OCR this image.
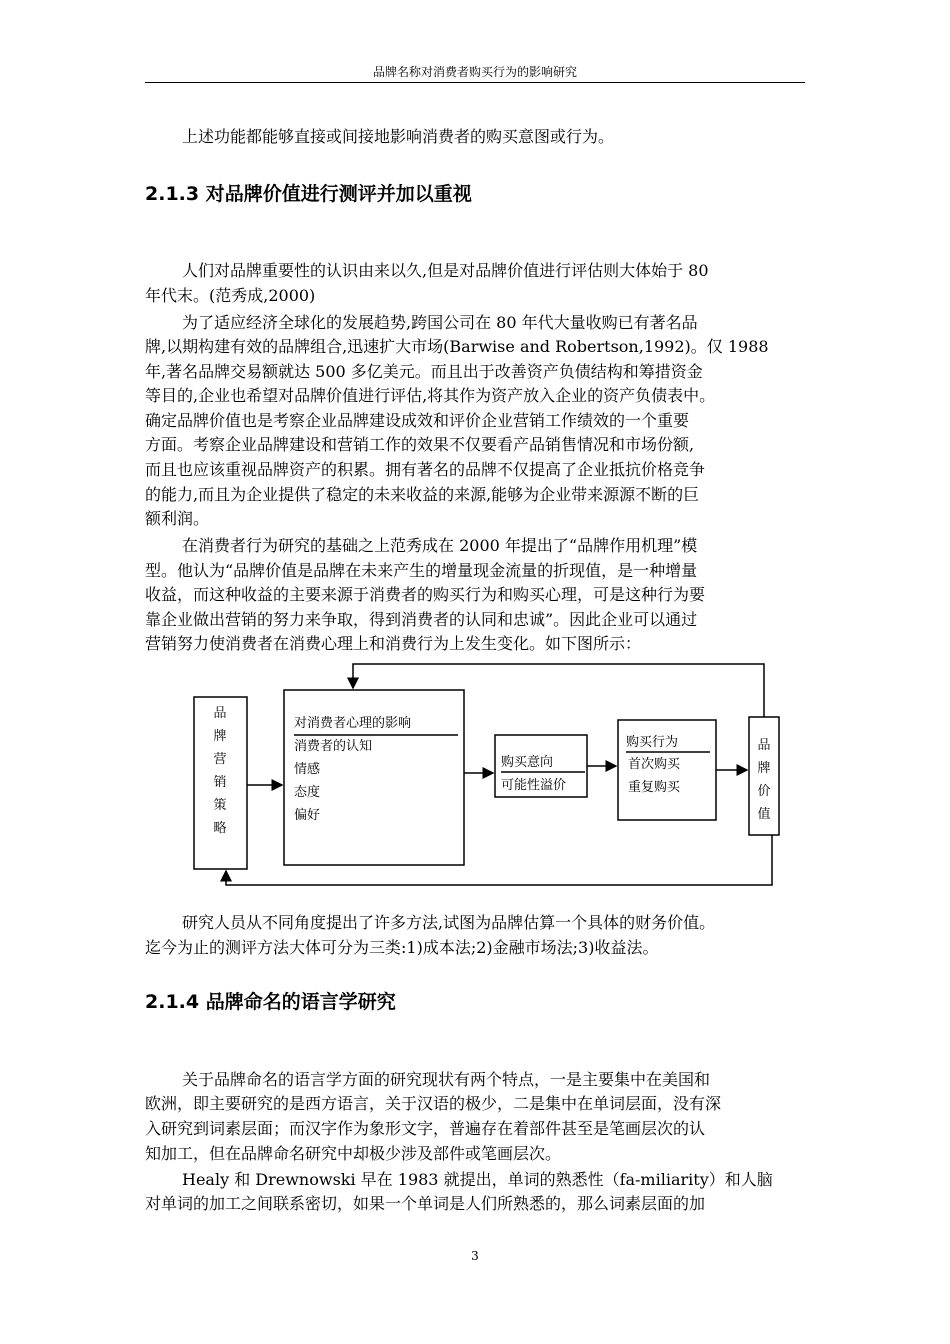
品牌名称对消费者购买行为的影响研究
上述功能都能够直接或间接地影响消费者的购买意图或行为。
人们对品牌重要性的认识由来以久,但是对品牌价值进行评估则大体始于 80
年代末。(范秀成,2000)
为了适应经济全球化的发展趋势,跨国公司在 80 年代大量收购已有著名品
牌,以期构建有效的品牌组合,迅速扩大市场(Barwise and Robertson,1992)。仅 1988
年,著名品牌交易额就达 500 多亿美元。而且出于改善资产负债结构和筹措资金
等目的,企业也希望对品牌价值进行评估,将其作为资产放入企业的资产负债表中。
确定品牌价值也是考察企业品牌建设成效和评价企业营销工作绩效的一个重要
方面。考察企业品牌建设和营销工作的效果不仅要看产品销售情况和市场份额,
而且也应该重视品牌资产的积累。拥有著名的品牌不仅提高了企业抵抗价格竞争
的能力,而且为企业提供了稳定的未来收益的来源,能够为企业带来源源不断的巨
额利润。
在消费者行为研究的基础之上范秀成在 2000 年提出了“品牌作用机理”模
型。他认为“品牌价值是品牌在未来产生的增量现金流量的折现值，是一种增量
收益，而这种收益的主要来源于消费者的购买行为和购买心理，可是这种行为要
靠企业做出营销的努力来争取，得到消费者的认同和忠诚”。因此企业可以通过
营销努力使消费者在消费心理上和消费行为上发生变化。如下图所示：
研究人员从不同角度提出了许多方法,试图为品牌估算一个具体的财务价值。
迄今为止的测评方法大体可分为三类:1)成本法;2)金融市场法;3)收益法。
关于品牌命名的语言学方面的研究现状有两个特点，一是主要集中在美国和
欧洲，即主要研究的是西方语言，关于汉语的极少，二是集中在单词层面，没有深
入研究到词素层面；而汉字作为象形文字，普遍存在着部件甚至是笔画层次的认
知加工，但在品牌命名研究中却极少涉及部件或笔画层次。
Healy 和 Drewnowski 早在 1983 就提出，单词的熟悉性（fa-miliarity）和人脑
对单词的加工之间联系密切，如果一个单词是人们所熟悉的，那么词素层面的加
2.1.3 对品牌价值进行测评并加以重视
2.1.4 品牌命名的语言学研究
品
牌
营
销
策
略
对消费者心理的影响
消费者的认知
情感
态度
偏好
购买意向
可能性溢价
购买行为
首次购买
重复购买
品
牌
价
值
3
